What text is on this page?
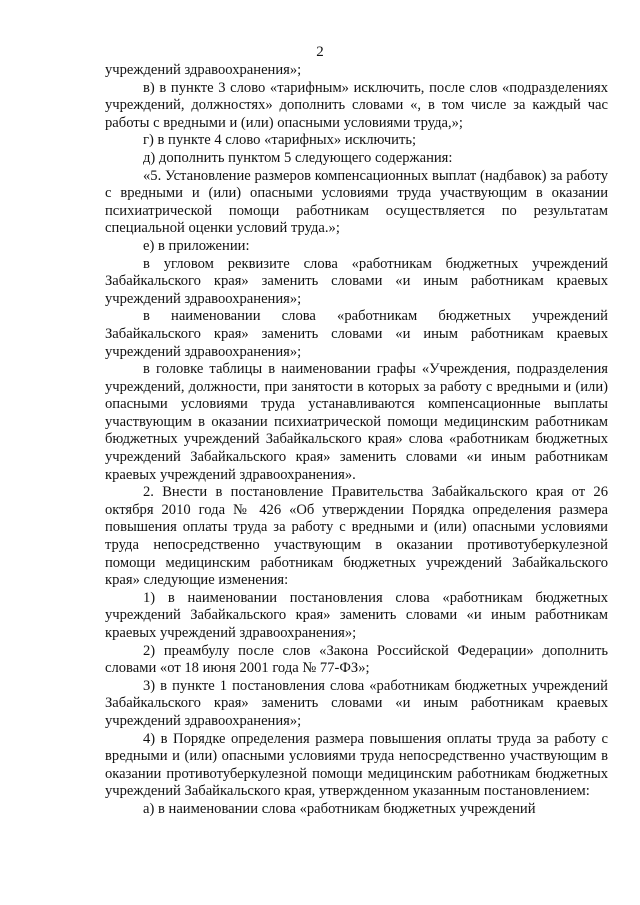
2

учреждений здравоохранения»;

в) в пункте 3 слово «тарифным» исключить, после слов «подразделениях учреждений, должностях» дополнить словами «, в том числе за каждый час работы с вредными и (или) опасными условиями труда,»;

г) в пункте 4 слово «тарифных» исключить;

д) дополнить пунктом 5 следующего содержания:

«5. Установление размеров компенсационных выплат (надбавок) за работу с вредными и (или) опасными условиями труда участвующим в оказании психиатрической помощи работникам осуществляется по результатам специальной оценки условий труда.»;

е) в приложении:

в угловом реквизите слова «работникам бюджетных учреждений Забайкальского края» заменить словами «и иным работникам краевых учреждений здравоохранения»;

в наименовании слова «работникам бюджетных учреждений Забайкальского края» заменить словами «и иным работникам краевых учреждений здравоохранения»;

в головке таблицы в наименовании графы «Учреждения, подразделения учреждений, должности, при занятости в которых за работу с вредными и (или) опасными условиями труда устанавливаются компенсационные выплаты участвующим в оказании психиатрической помощи медицинским работникам бюджетных учреждений Забайкальского края» слова «работникам бюджетных учреждений Забайкальского края» заменить словами «и иным работникам краевых учреждений здравоохранения».

2. Внести в постановление Правительства Забайкальского края от 26 октября 2010 года № 426 «Об утверждении Порядка определения размера повышения оплаты труда за работу с вредными и (или) опасными условиями труда непосредственно участвующим в оказании противотуберкулезной помощи медицинским работникам бюджетных учреждений Забайкальского края» следующие изменения:

1) в наименовании постановления слова «работникам бюджетных учреждений Забайкальского края» заменить словами «и иным работникам краевых учреждений здравоохранения»;

2) преамбулу после слов «Закона Российской Федерации» дополнить словами «от 18 июня 2001 года № 77-ФЗ»;

3) в пункте 1 постановления слова «работникам бюджетных учреждений Забайкальского края» заменить словами «и иным работникам краевых учреждений здравоохранения»;

4) в Порядке определения размера повышения оплаты труда за работу с вредными и (или) опасными условиями труда непосредственно участвующим в оказании противотуберкулезной помощи медицинским работникам бюджетных учреждений Забайкальского края, утвержденном указанным постановлением:

а) в наименовании слова «работникам бюджетных учреждений
